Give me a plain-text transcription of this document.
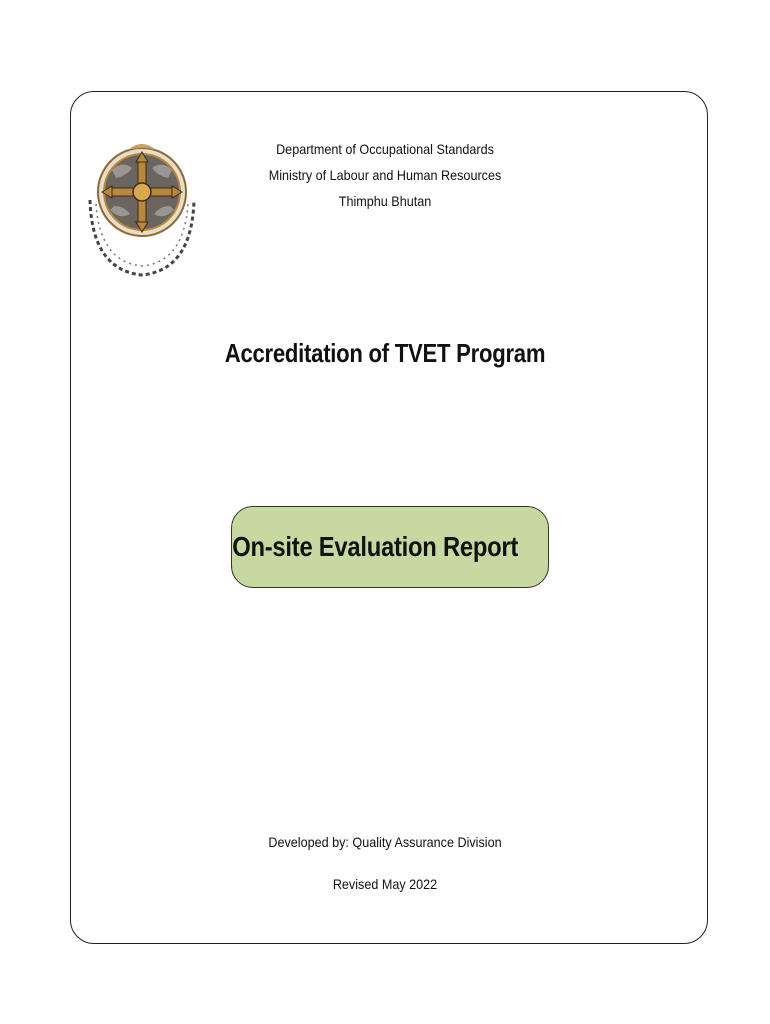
Department of Occupational Standards
Ministry of Labour and Human Resources
Thimphu Bhutan
Accreditation of TVET Program
On-site Evaluation Report
Developed by: Quality Assurance Division
Revised May 2022
